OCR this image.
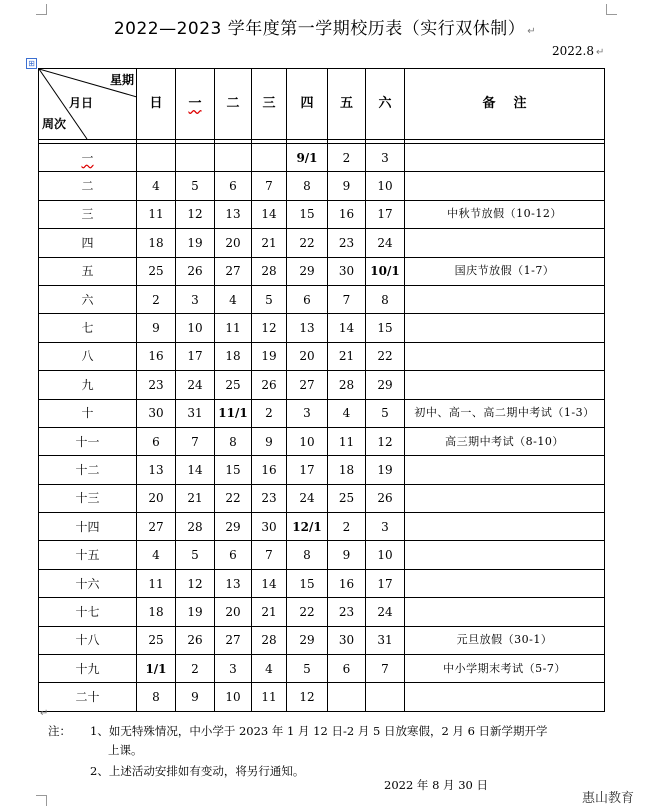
2022—2023 学年度第一学期校历表（实行双休制） ↵
2022.8 ↵
⊞
星期
月日
周次	日	一	二	三	四	五	六	备    注

一					9/1	2	3	
二	4	5	6	7	8	9	10	
三	11	12	13	14	15	16	17	中秋节放假（10-12）
四	18	19	20	21	22	23	24	
五	25	26	27	28	29	30	10/1	国庆节放假（1-7）
六	2	3	4	5	6	7	8	
七	9	10	11	12	13	14	15	
八	16	17	18	19	20	21	22	
九	23	24	25	26	27	28	29	
十	30	31	11/1	2	3	4	5	初中、高一、高二期中考试（1-3）
十一	6	7	8	9	10	11	12	高三期中考试（8-10）
十二	13	14	15	16	17	18	19	
十三	20	21	22	23	24	25	26	
十四	27	28	29	30	12/1	2	3	
十五	4	5	6	7	8	9	10	
十六	11	12	13	14	15	16	17	
十七	18	19	20	21	22	23	24	
十八	25	26	27	28	29	30	31	元旦放假（30-1）
十九	1/1	2	3	4	5	6	7	中小学期末考试（5-7）
二十	8	9	10	11	12			
↵
注： 1、如无特殊情况，中小学于 2023 年 1 月 12 日-2 月 5 日放寒假，2 月 6 日新学期开学
上课。
2、上述活动安排如有变动，将另行通知。
2022 年 8 月 30 日
惠山教育
